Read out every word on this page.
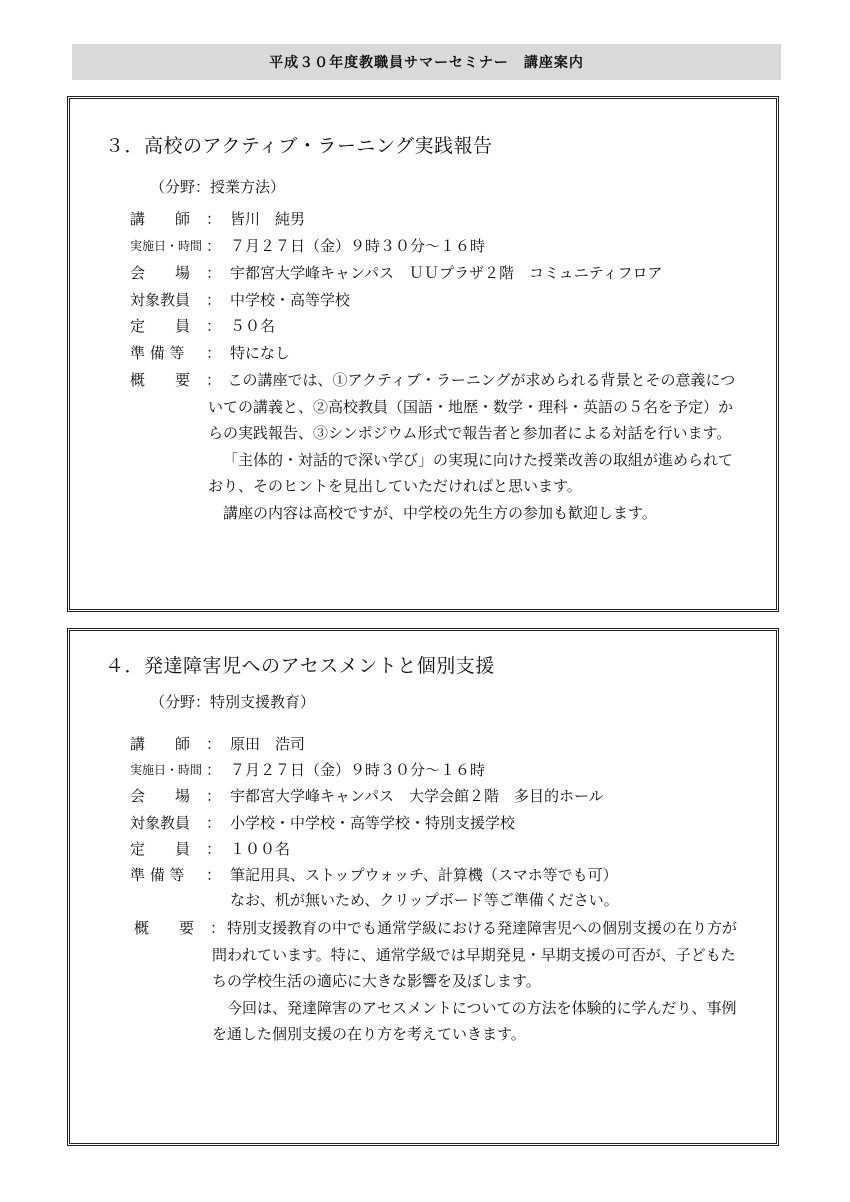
平成３０年度教職員サマーセミナー　講座案内
３．高校のアクティブ・ラーニング実践報告
（分野：授業方法）
講　　師	： 皆川　純男
実施日・時間 ： ７月２７日（金）９時３０分～１６時
会　　場	： 宇都宮大学峰キャンパス　ＵＵプラザ２階　コミュニティフロア
対象教員	： 中学校・高等学校
定　　員	： ５０名
準 備 等	： 特になし
概　　要	： この講座では、①アクティブ・ラーニングが求められる背景とその意義についての講義と、②高校教員（国語・地歴・数学・理科・英語の５名を予定）からの実践報告、③シンポジウム形式で報告者と参加者による対話を行います。

「主体的・対話的で深い学び」の実現に向けた授業改善の取組が進められており、そのヒントを見出していただければと思います。

講座の内容は高校ですが、中学校の先生方の参加も歓迎します。

４．発達障害児へのアセスメントと個別支援
（分野：特別支援教育）
講　　師	： 原田　浩司
実施日・時間 ： ７月２７日（金）９時３０分～１６時
会　　場	： 宇都宮大学峰キャンパス　大学会館２階　多目的ホール
対象教員	： 小学校・中学校・高等学校・特別支援学校
定　　員	： １００名
準 備 等	： 筆記用具、ストップウォッチ、計算機（スマホ等でも可）
なお、机が無いため、クリップボード等ご準備ください。
概　　要	： 特別支援教育の中でも通常学級における発達障害児への個別支援の在り方が問われています。特に、通常学級では早期発見・早期支援の可否が、子どもたちの学校生活の適応に大きな影響を及ぼします。

今回は、発達障害のアセスメントについての方法を体験的に学んだり、事例を通した個別支援の在り方を考えていきます。
